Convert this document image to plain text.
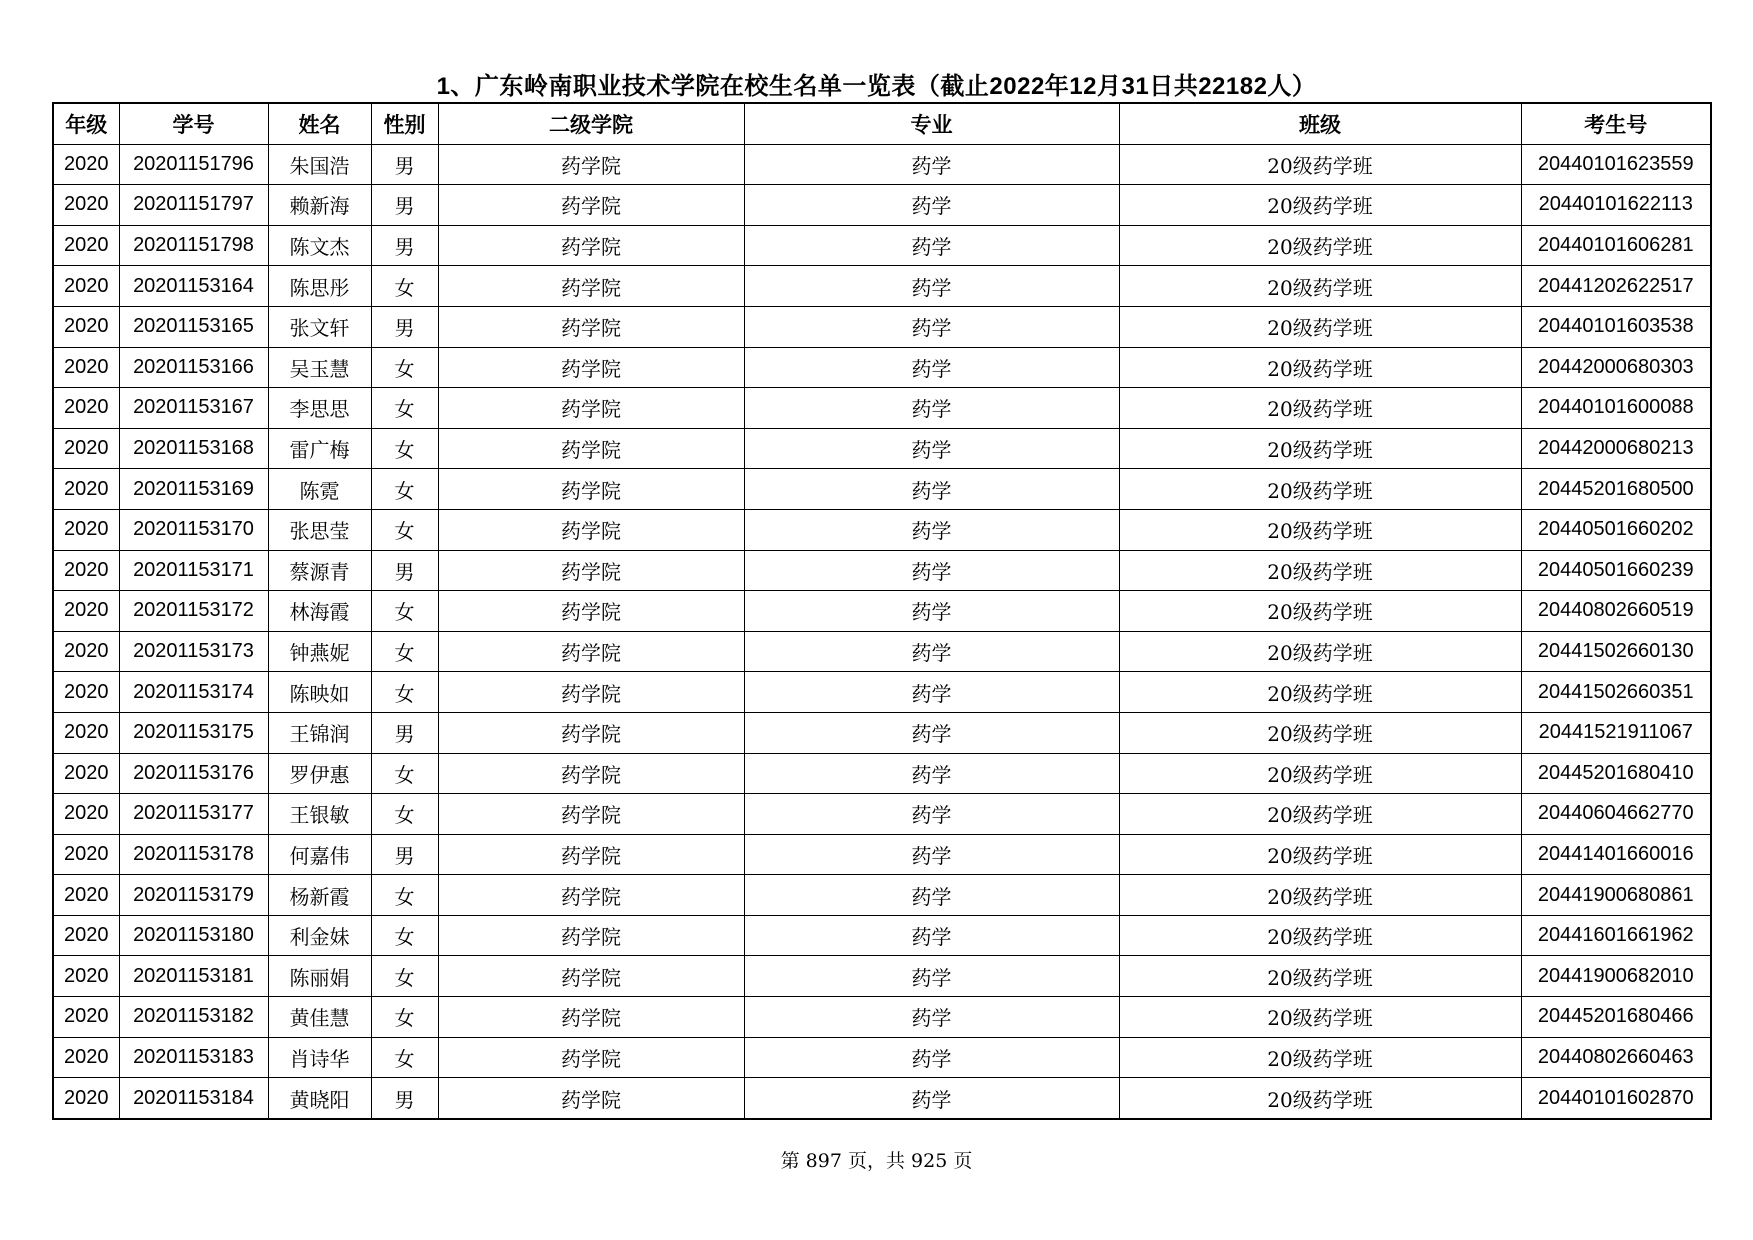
1、广东岭南职业技术学院在校生名单一览表（截止2022年12月31日共22182人）
年级	学号	姓名	性别	二级学院	专业	班级	考生号
2020	20201151796	朱国浩	男	药学院	药学	20级药学班	20440101623559
2020	20201151797	赖新海	男	药学院	药学	20级药学班	20440101622113
2020	20201151798	陈文杰	男	药学院	药学	20级药学班	20440101606281
2020	20201153164	陈思彤	女	药学院	药学	20级药学班	20441202622517
2020	20201153165	张文轩	男	药学院	药学	20级药学班	20440101603538
2020	20201153166	吴玉慧	女	药学院	药学	20级药学班	20442000680303
2020	20201153167	李思思	女	药学院	药学	20级药学班	20440101600088
2020	20201153168	雷广梅	女	药学院	药学	20级药学班	20442000680213
2020	20201153169	陈霓	女	药学院	药学	20级药学班	20445201680500
2020	20201153170	张思莹	女	药学院	药学	20级药学班	20440501660202
2020	20201153171	蔡源青	男	药学院	药学	20级药学班	20440501660239
2020	20201153172	林海霞	女	药学院	药学	20级药学班	20440802660519
2020	20201153173	钟燕妮	女	药学院	药学	20级药学班	20441502660130
2020	20201153174	陈映如	女	药学院	药学	20级药学班	20441502660351
2020	20201153175	王锦润	男	药学院	药学	20级药学班	20441521911067
2020	20201153176	罗伊惠	女	药学院	药学	20级药学班	20445201680410
2020	20201153177	王银敏	女	药学院	药学	20级药学班	20440604662770
2020	20201153178	何嘉伟	男	药学院	药学	20级药学班	20441401660016
2020	20201153179	杨新霞	女	药学院	药学	20级药学班	20441900680861
2020	20201153180	利金妹	女	药学院	药学	20级药学班	20441601661962
2020	20201153181	陈丽娟	女	药学院	药学	20级药学班	20441900682010
2020	20201153182	黄佳慧	女	药学院	药学	20级药学班	20445201680466
2020	20201153183	肖诗华	女	药学院	药学	20级药学班	20440802660463
2020	20201153184	黄晓阳	男	药学院	药学	20级药学班	20440101602870
第 897 页，共 925 页
